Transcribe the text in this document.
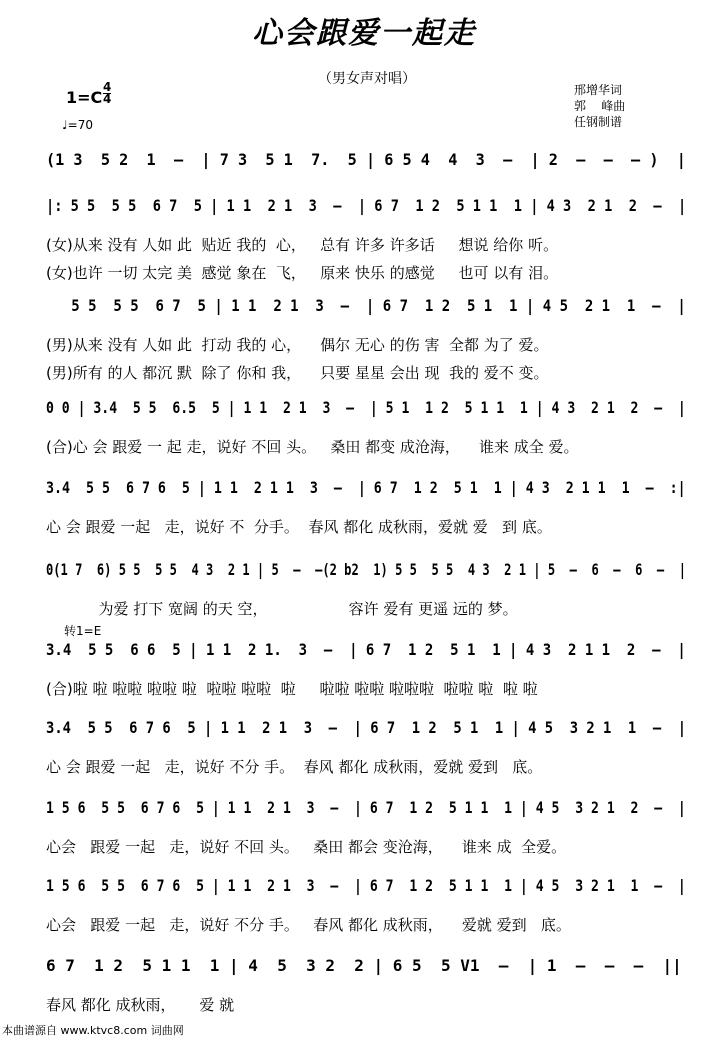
心会跟爱一起走
（男女声对唱）
1=C
4
4
♩=70
邢增华词
郭    峰曲
任钢制谱
转1=E
(1 3  5 2  1  –  | 7 3  5 1  7.  5 | 6 5 4  4  3  –  | 2  –  –  – )  |
|: 5 5  5 5  6 7  5 | 1 1  2 1  3  –  | 6 7  1 2  5 1 1  1 | 4 3  2 1  2  –  |
(女)从来 没有 人如 此  贴近 我的  心，   总有 许多 许多话     想说 给你 听。
(女)也许 一切 太完 美  感觉 象在  飞，   原来 快乐 的感觉     也可 以有 泪。
5 5  5 5  6 7  5 | 1 1  2 1  3  –  | 6 7  1 2  5 1  1 | 4 5  2 1  1  –  |
(男)从来 没有 人如 此  打动 我的 心，    偶尔 无心 的伤 害  全都 为了 爱。
(男)所有 的人 都沉 默  除了 你和 我，    只要 星星 会出 现  我的 爱不 变。
0 0 | 3.4  5 5  6.5  5 | 1 1  2 1  3  –  | 5 1  1 2  5 1 1  1 | 4 3  2 1  2  –  |
(合)心 会 跟爱 一 起 走，说好 不回 头。   桑田 都变 成沧海，    谁来 成全 爱。
3.4  5 5  6 7 6  5 | 1 1  2 1 1  3  –  | 6 7  1 2  5 1  1 | 4 3  2 1 1  1  –  :|
心 会 跟爱 一起   走，说好 不  分手。  春风 都化 成秋雨，爱就 爱   到 底。
0(1 7  6) 5 5  5 5  4 3  2 1 | 5  –  –(2 b2  1) 5 5  5 5  4 3  2 1 | 5  –  6  –  6  –  |
为爱 打下 宽阔 的天 空，                 容许 爱有 更遥 远的 梦。
3.4  5 5  6 6  5 | 1 1  2 1.  3  –  | 6 7  1 2  5 1  1 | 4 3  2 1 1  2  –  |
(合)啦 啦 啦啦 啦啦 啦  啦啦 啦啦  啦     啦啦 啦啦 啦啦啦  啦啦 啦  啦 啦
3.4  5 5  6 7 6  5 | 1 1  2 1  3  –  | 6 7  1 2  5 1  1 | 4 5  3 2 1  1  –  |
心 会 跟爱 一起   走，说好 不分 手。  春风 都化 成秋雨，爱就 爱到   底。
1 5 6  5 5  6 7 6  5 | 1 1  2 1  3  –  | 6 7  1 2  5 1 1  1 | 4 5  3 2 1  2  –  |
心会   跟爱 一起   走，说好 不回 头。   桑田 都会 变沧海，    谁来 成  全爱。
1 5 6  5 5  6 7 6  5 | 1 1  2 1  3  –  | 6 7  1 2  5 1 1  1 | 4 5  3 2 1  1  –  |
心会   跟爱 一起   走，说好 不分 手。   春风 都化 成秋雨，    爱就 爱到   底。
6 7  1 2  5 1 1  1 | 4  5  3 2  2 | 6 5  5 V1  –  | 1  –  –  –  ||
春风 都化 成秋雨，     爱 就
本曲谱源自 www.ktvc8.com 词曲网
